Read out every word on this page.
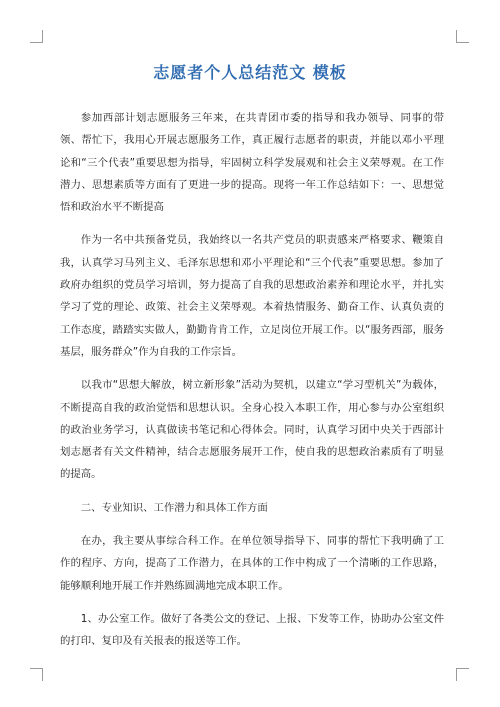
志愿者个人总结范文 模板

参加西部计划志愿服务三年来，在共青团市委的指导和我办领导、同事的带领、帮忙下，我用心开展志愿服务工作，真正履行志愿者的职责，并能以邓小平理论和“三个代表”重要思想为指导，牢固树立科学发展观和社会主义荣辱观。在工作潜力、思想素质等方面有了更进一步的提高。现将一年工作总结如下：一、思想觉悟和政治水平不断提高

作为一名中共预备党员，我始终以一名共产党员的职责感来严格要求、鞭策自我，认真学习马列主义、毛泽东思想和邓小平理论和“三个代表”重要思想。参加了政府办组织的党员学习培训，努力提高了自我的思想政治素养和理论水平，并扎实学习了党的理论、政策、社会主义荣辱观。本着热情服务、勤奋工作、认真负责的工作态度，踏踏实实做人，勤勤肯肯工作，立足岗位开展工作。以“服务西部，服务基层，服务群众”作为自我的工作宗旨。

以我市“思想大解放，树立新形象”活动为契机，以建立“学习型机关”为载体，不断提高自我的政治觉悟和思想认识。全身心投入本职工作，用心参与办公室组织的政治业务学习，认真做读书笔记和心得体会。同时，认真学习团中央关于西部计划志愿者有关文件精神，结合志愿服务展开工作，使自我的思想政治素质有了明显的提高。

二、专业知识、工作潜力和具体工作方面

在办，我主要从事综合科工作。在单位领导指导下、同事的帮忙下我明确了工作的程序、方向，提高了工作潜力，在具体的工作中构成了一个清晰的工作思路，能够顺利地开展工作并熟练圆满地完成本职工作。

1、办公室工作。做好了各类公文的登记、上报、下发等工作，协助办公室文件的打印、复印及有关报表的报送等工作。
